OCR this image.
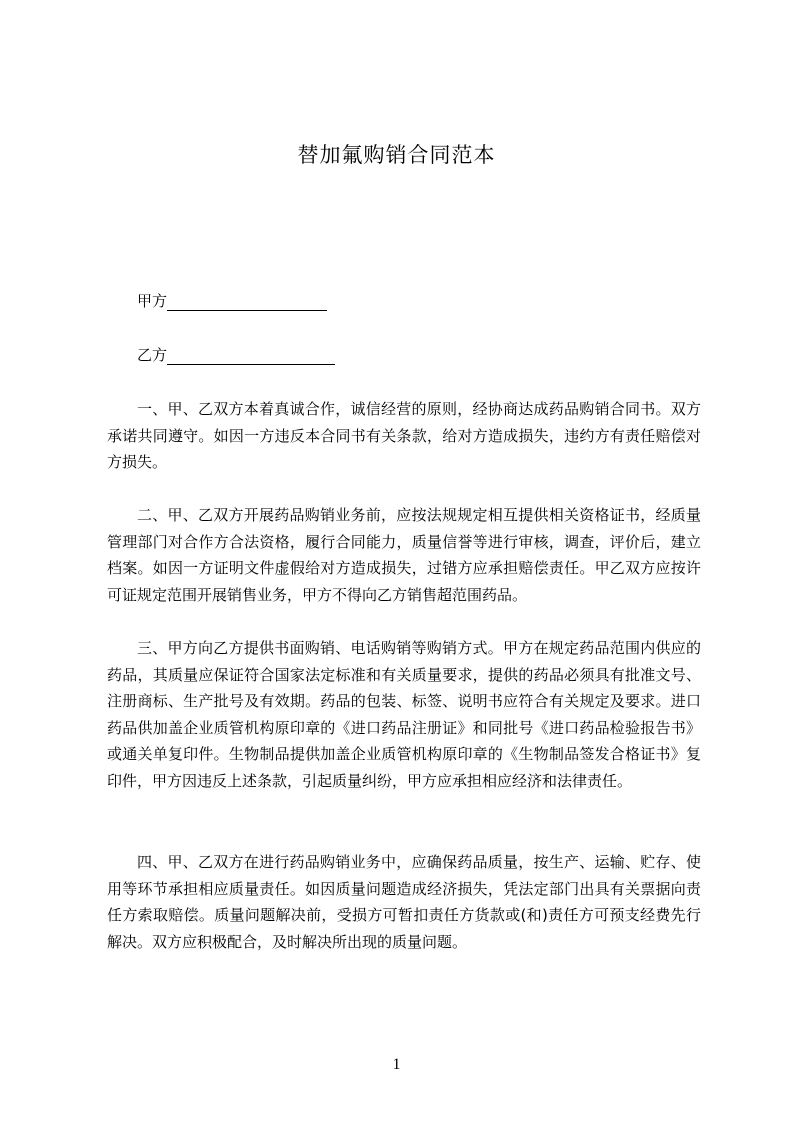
替加氟购销合同范本
甲方
乙方

一、甲、乙双方本着真诚合作，诚信经营的原则，经协商达成药品购销合同书。双方承诺共同遵守。如因一方违反本合同书有关条款，给对方造成损失，违约方有责任赔偿对方损失。

二、甲、乙双方开展药品购销业务前，应按法规规定相互提供相关资格证书，经质量管理部门对合作方合法资格，履行合同能力，质量信誉等进行审核，调查，评价后，建立档案。如因一方证明文件虚假给对方造成损失，过错方应承担赔偿责任。甲乙双方应按许可证规定范围开展销售业务，甲方不得向乙方销售超范围药品。

三、甲方向乙方提供书面购销、电话购销等购销方式。甲方在规定药品范围内供应的药品，其质量应保证符合国家法定标准和有关质量要求，提供的药品必须具有批准文号、注册商标、生产批号及有效期。药品的包装、标签、说明书应符合有关规定及要求。进口药品供加盖企业质管机构原印章的《进口药品注册证》和同批号《进口药品检验报告书》或通关单复印件。生物制品提供加盖企业质管机构原印章的《生物制品签发合格证书》复印件，甲方因违反上述条款，引起质量纠纷，甲方应承担相应经济和法律责任。

四、甲、乙双方在进行药品购销业务中，应确保药品质量，按生产、运输、贮存、使用等环节承担相应质量责任。如因质量问题造成经济损失，凭法定部门出具有关票据向责任方索取赔偿。质量问题解决前，受损方可暂扣责任方货款或(和)责任方可预支经费先行解决。双方应积极配合，及时解决所出现的质量问题。

1
